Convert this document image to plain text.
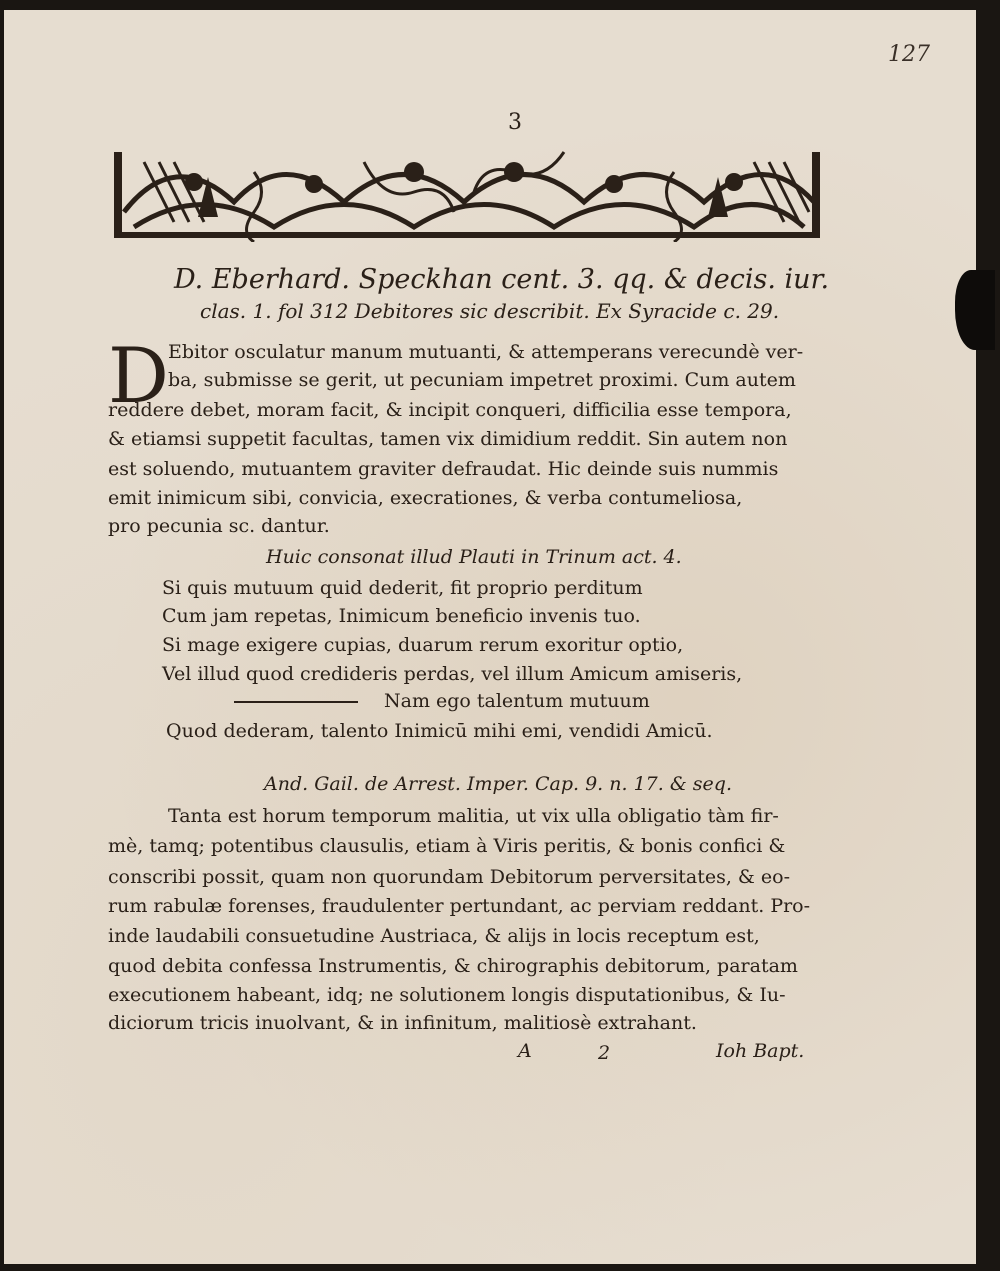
127
3
D. Eberhard. Speckhan cent. 3. qq. & decis. iur.
clas. 1. fol 312 Debitores sic describit. Ex Syracide c. 29.
D Ebitor osculatur manum mutuanti, & attemperans verecundè ver-
ba, submisse se gerit, ut pecuniam impetret proximi. Cum autem
reddere debet, moram facit, & incipit conqueri, difficilia esse tempora,
& etiamsi suppetit facultas, tamen vix dimidium reddit. Sin autem non
est soluendo, mutuantem graviter defraudat. Hic deinde suis nummis
emit inimicum sibi, convicia, execrationes, & verba contumeliosa,
pro pecunia sc. dantur.
Huic consonat illud Plauti in Trinum act. 4.
Si quis mutuum quid dederit, fit proprio perditum
Cum jam repetas, Inimicum beneficio invenis tuo.
Si mage exigere cupias, duarum rerum exoritur optio,
Vel illud quod credideris perdas, vel illum Amicum amiseris,
Nam ego talentum mutuum
Quod dederam, talento Inimicū mihi emi, vendidi Amicū.
And. Gail. de Arrest. Imper. Cap. 9. n. 17. & seq.
Tanta est horum temporum malitia, ut vix ulla obligatio tàm fir-
mè, tamq; potentibus clausulis, etiam à Viris peritis, & bonis confici &
conscribi possit, quam non quorundam Debitorum perversitates, & eo-
rum rabulæ forenses, fraudulenter pertundant, ac perviam reddant. Pro-
inde laudabili consuetudine Austriaca, & alijs in locis receptum est,
quod debita confessa Instrumentis, & chirographis debitorum, paratam
executionem habeant, idq; ne solutionem longis disputationibus, & Iu-
diciorum tricis inuolvant, & in infinitum, malitiosè extrahant.
A	2	Ioh Bapt.
